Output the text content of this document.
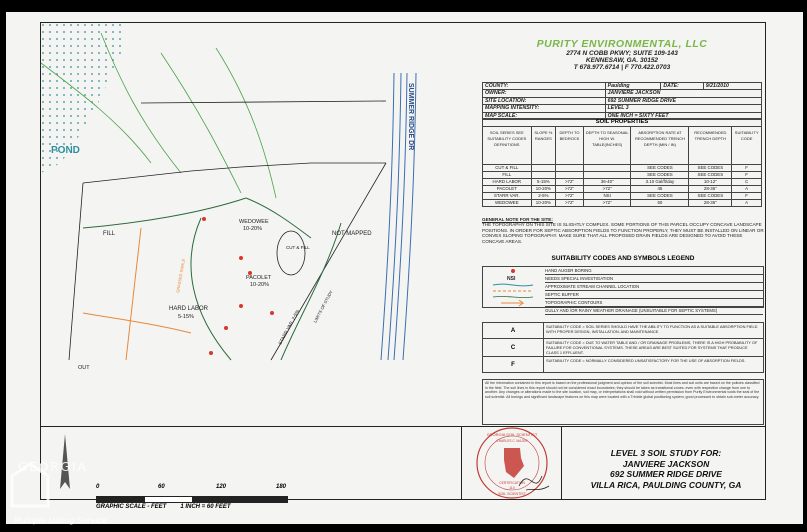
POND
SUMMER RIDGE DR
CUT & FILL
FILL
WEDOWEE
10-20%
NOT MAPPED
PACOLET
10-20%
HARD LABOR
5-15%	STARR VAR. 2-5%
LIMITS OF STUDY
GRASSED SWALE
OUT
PURITY ENVIRONMENTAL, LLC
2774 N COBB PKWY; SUITE 109-143
KENNESAW, GA. 30152
T 678.977.6714 | F 770.422.0703
COUNTY:	Paulding	DATE:	9/21/2010
OWNER:	JANVIERE JACKSON		
SITE LOCATION:	692 SUMMER RIDGE DRIVE		
MAPPING INTENSITY:	LEVEL 3		
MAP SCALE:	ONE INCH = SIXTY FEET		
SOIL PROPERTIES
SOIL SERIES SEE SUITABILITY CODES DEFINITIONS	SLOPE % RANGES	DEPTH TO BEDROCK	DEPTH TO SEASONAL HIGH W. TABLE(INCHES)	ABSORPTION RATE AT RECOMMENDED TRENCH DEPTH (MIN / IN)	RECOMMENDED TRENCH DEPTH	SUITABILITY CODE
CUT & FILL				SEE CODES	SEE CODES	F
FILL				SEE CODES	SEE CODES	F
HARD LABOR	5-15%	>72"	36-40"	3.10 Gal/ft/day	10-12"	C
PACOLET	10-20%	>72"	>72"	45	28-36"	A
STARR VAR.	2-5%	>72"	NSI	SEE CODES	SEE CODES	F
WEDOWEE	10-20%	>72"	>72"	50	28-36"	A
GENERAL NOTE FOR THE SITE:
THE TOPOGRAPHY ON THIS SITE IS SLIGHTLY COMPLEX. SOME PORTIONS OF THIS PARCEL OCCUPY CONCAVE LANDSCAPE POSITIONS. IN ORDER FOR SEPTIC ABSORPTION FIELDS TO FUNCTION PROPERLY, THEY MUST BE INSTALLED ON LINEAR OR CONVEX SLOPING TOPOGRAPHY. MAKE SURE THAT ALL PROPOSED DRAIN FIELDS ARE DESIGNED TO AVOID THESE CONCAVE AREAS.
SUITABILITY CODES AND SYMBOLS LEGEND
NSI
HAND AUGER BORING
NEEDS SPECIAL INVESTIGATION
APPROXIMATE STREAM CHANNEL LOCATION
SEPTIC BUFFER
TOPOGRAPHIC CONTOURS
GULLY AND /OR RAINY WEATHER DRAINAGE (UNSUITABLE FOR SEPTIC SYSTEMS)
A
SUITABILITY CODE = SOIL SERIES SHOULD HAVE THE ABILITY TO FUNCTION AS A SUITABLE ABSORPTION FIELD WITH PROPER DESIGN, INSTALLATION, AND MAINTENANCE.
C
SUITABILITY CODE = DUE TO WATER TABLE AND / OR DRAINAGE PROBLEMS, THERE IS A HIGH PROBABILITY OF FAILURE FOR CONVENTIONAL SYSTEMS. THESE AREAS ARE BEST SUITED FOR SYSTEMS THAT PRODUCE CLASS 1 EFFLUENT.
F
SUITABILITY CODE = NORMALLY CONSIDERED UNSATISFACTORY FOR THE USE OF ABSORPTION FIELDS.
All the information contained in this report is based on the professional judgment and opinion of the soil scientist. Most lines and soil units are based on the policies classified in the field. The soil lines in this report should not be considered exact boundaries; they should be taken as transitional zones, even with respective change from one to another. Any changes or alterations made to the site location, soil map, or interpretations shall void without written permission from Purity Environmental voids the seal of the soil scientist. All borings and significant landscape features on this map were located with a Trimble global positioning system, good processed to obtain sub-meter accuracy.
0	60	120	180
GRAPHIC SCALE - FEET 1 INCH = 60 FEET
GEORGIA SOIL SCIENTIST
CHARLES C. MAJOR
CERTIFICATION
110
SOIL SCIENTIST
LEVEL 3 SOIL STUDY FOR:
JANVIERE JACKSON
692 SUMMER RIDGE DRIVE
VILLA RICA, PAULDING COUNTY, GA
GEORGIA
Multiple Listing Service
